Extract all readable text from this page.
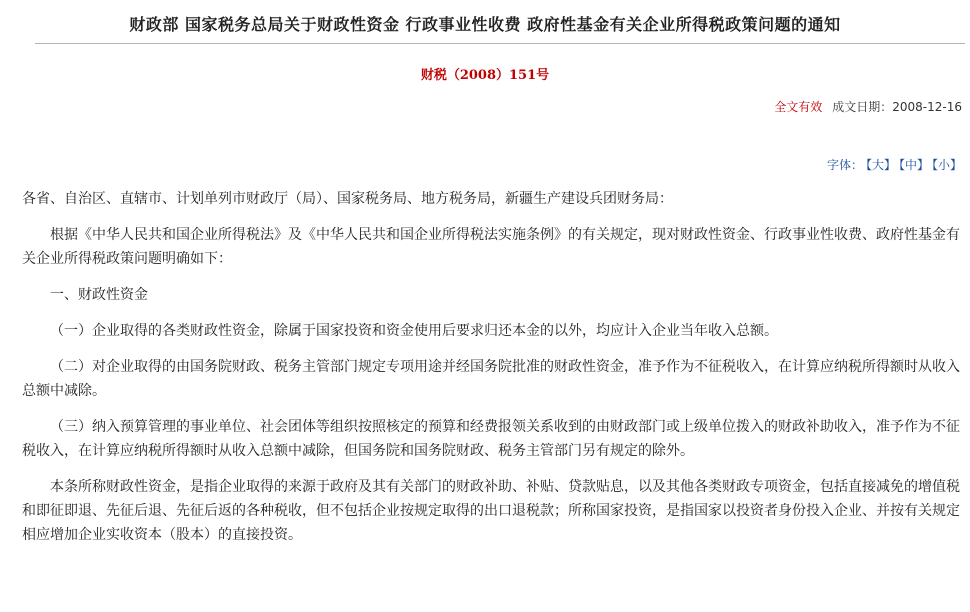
财政部 国家税务总局关于财政性资金 行政事业性收费 政府性基金有关企业所得税政策问题的通知
财税（2008）151号
全文有效 成文日期：2008-12-16
字体： 【大】 【中】 【小】

各省、自治区、直辖市、计划单列市财政厅（局）、国家税务局、地方税务局，新疆生产建设兵团财务局：

根据《中华人民共和国企业所得税法》及《中华人民共和国企业所得税法实施条例》的有关规定，现对财政性资金、行政事业性收费、政府性基金有关企业所得税政策问题明确如下：

一、财政性资金

（一）企业取得的各类财政性资金，除属于国家投资和资金使用后要求归还本金的以外，均应计入企业当年收入总额。

（二）对企业取得的由国务院财政、税务主管部门规定专项用途并经国务院批准的财政性资金，准予作为不征税收入，在计算应纳税所得额时从收入总额中减除。

（三）纳入预算管理的事业单位、社会团体等组织按照核定的预算和经费报领关系收到的由财政部门或上级单位拨入的财政补助收入，准予作为不征税收入，在计算应纳税所得额时从收入总额中减除，但国务院和国务院财政、税务主管部门另有规定的除外。

本条所称财政性资金，是指企业取得的来源于政府及其有关部门的财政补助、补贴、贷款贴息，以及其他各类财政专项资金，包括直接减免的增值税和即征即退、先征后退、先征后返的各种税收，但不包括企业按规定取得的出口退税款；所称国家投资，是指国家以投资者身份投入企业、并按有关规定相应增加企业实收资本（股本）的直接投资。
